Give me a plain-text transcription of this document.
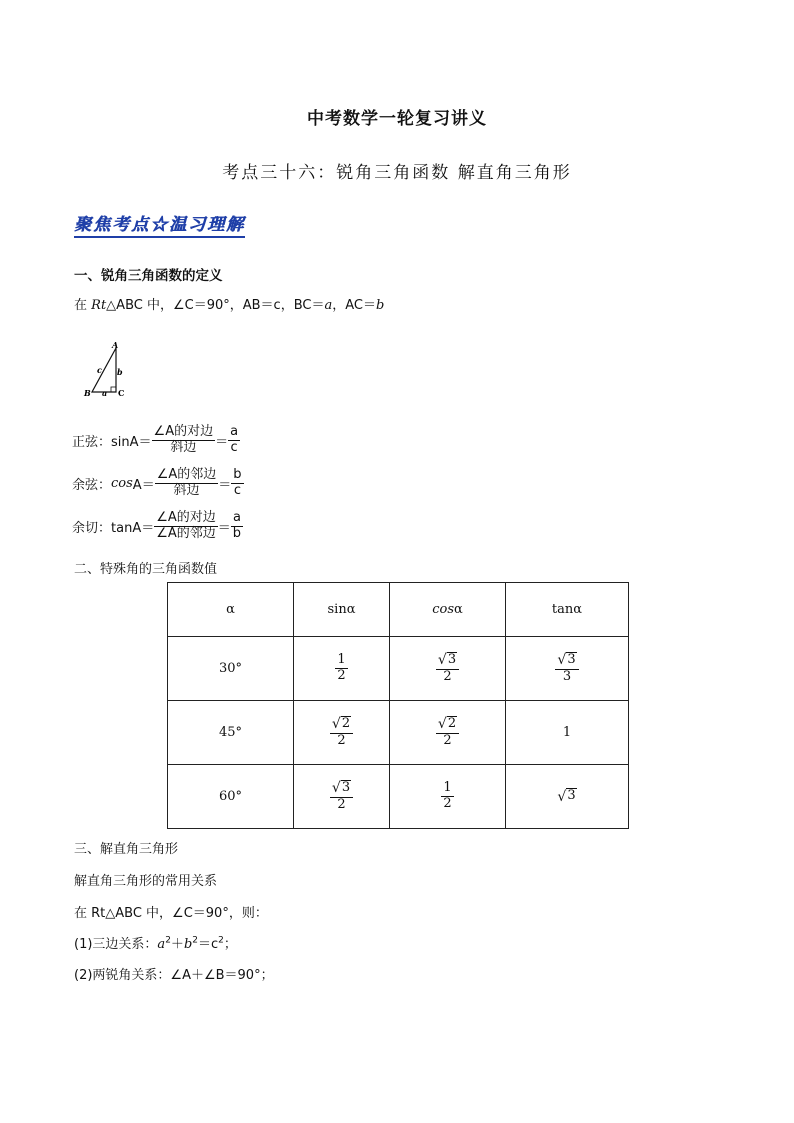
中考数学一轮复习讲义
考点三十六：锐角三角函数 解直角三角形
聚焦考点☆温习理解
一、锐角三角函数的定义
在 Rt△ABC 中，∠C＝90°，AB＝c，BC＝a，AC＝b
A
B	C
a
b
c
正弦： $\sin A= \frac{\text{∠A的对边}}{\text{斜边}} = \frac{a}{c}$
余弦： $\cos A= \frac{\text{∠A的邻边}}{\text{斜边}} = \frac{b}{c}$
余切： $\tan A= \frac{\text{∠A的对边}}{\text{∠A的邻边}} = \frac{a}{b}$
二、特殊角的三角函数值
α	sinα	cosα	tanα
30°	$\frac{1}{2}$	$\frac{√ 3}{2}$	$\frac{√ 3}{3}$

45°	$\frac{√ 2}{2}$	$\frac{√ 2}{2}$	1
60°	$\frac{√ 3}{2}$	$\frac{1}{2}$	√ 3
三、解直角三角形
解直角三角形的常用关系
在 Rt△ABC 中，∠C＝90°，则：
(1)三边关系：$a^2+b^2=c^2$；
(2)两锐角关系：∠A＋∠B＝90°；
